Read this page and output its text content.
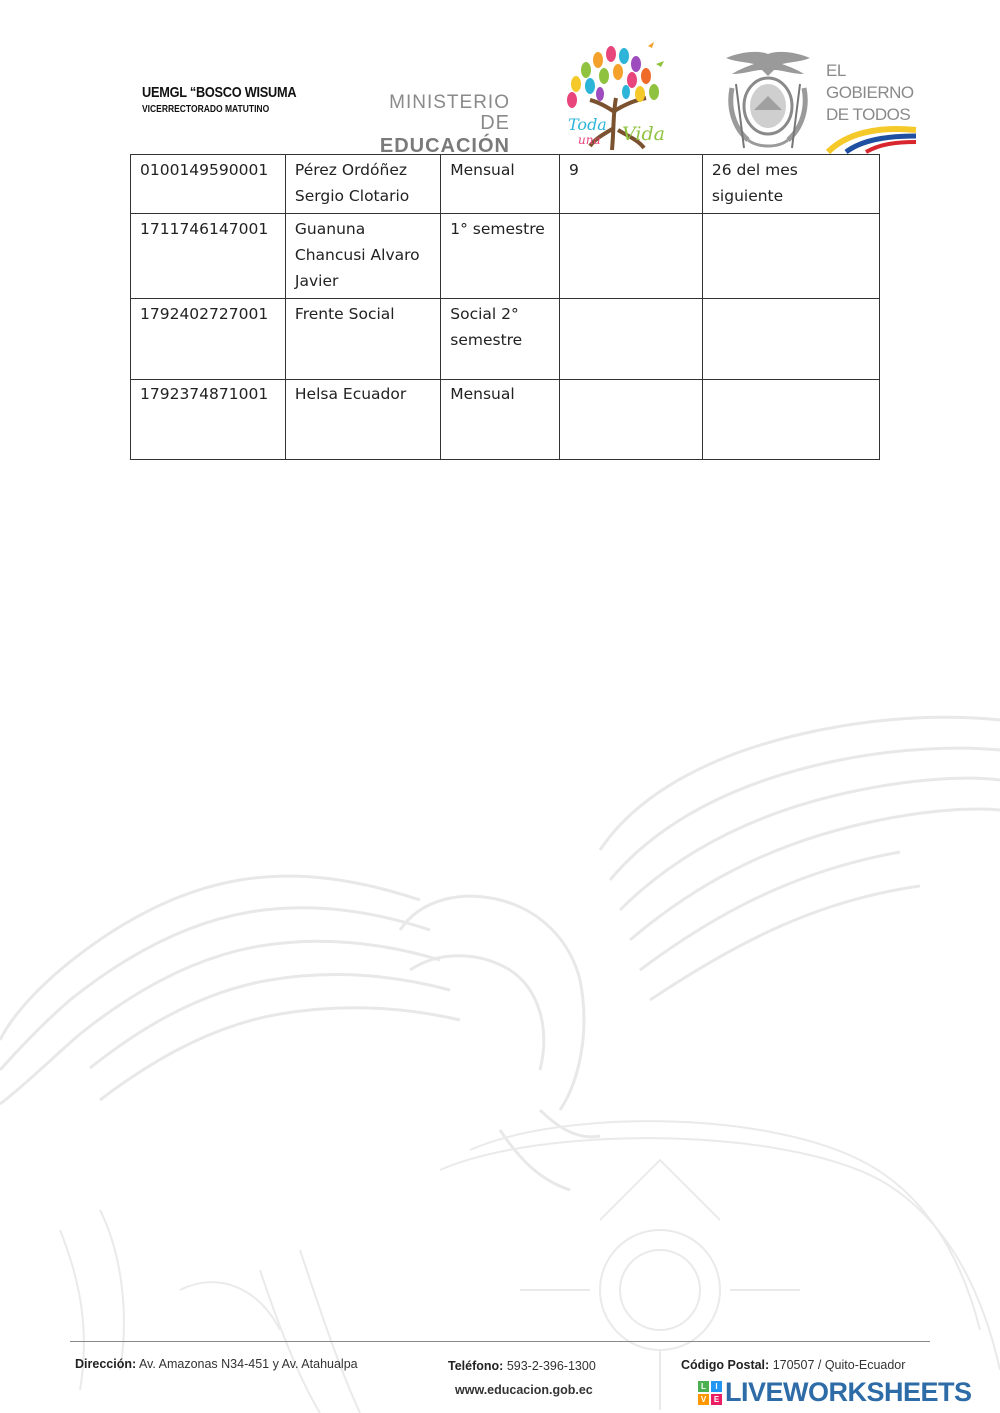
UEMGL “BOSCO WISUMA
VICERRECTORADO MATUTINO	MINISTERIO
DE EDUCACIÓN
Toda
una Vida
EL
GOBIERNO
DE TODOS
0100149590001	Pérez Ordóñez Sergio Clotario	Mensual	9	26 del mes siguiente
1711746147001	Guanuna Chancusi Alvaro Javier	1° semestre		
1792402727001	Frente Social	Social 2° semestre		
1792374871001	Helsa Ecuador	Mensual		
Dirección: Av. Amazonas N34-451 y Av. Atahualpa	Teléfono: 593-2-396-1300	Código Postal: 170507 / Quito-Ecuador
www.educacion.gob.ec	L	I
V E LIVEWORKSHEETS
